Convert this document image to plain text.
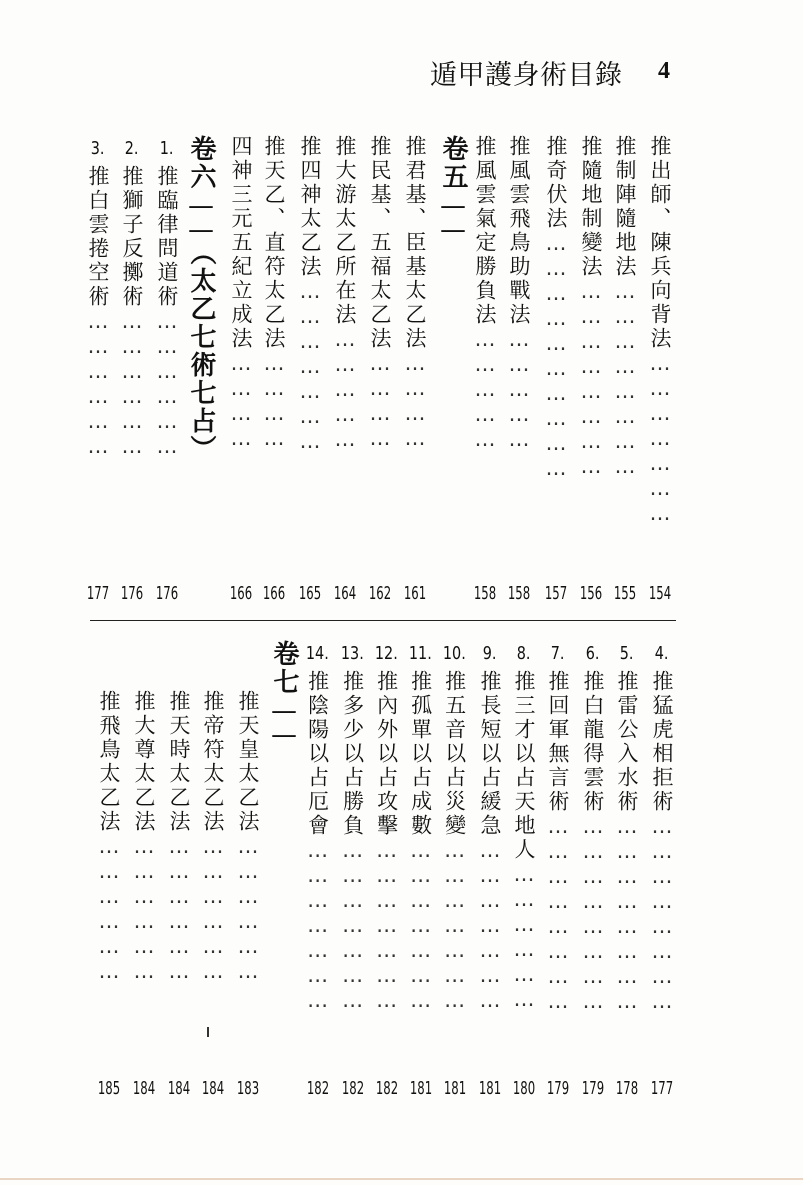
遁甲護身術目錄 4
推出師、陳兵向背法…………………
154
推制陣隨地法……………………
155
推隨地制變法……………………
156
推奇伏法…………………………
157
卷五—— 推風雲飛鳥助戰法……………
158
推風雲氣定勝負法……………
158
推君基、臣基太乙法…………
161
推民基、五福太乙法…………
162
推大游太乙所在法……………
164
推四神太乙法…………………
165
推天乙、直符太乙法…………
166
四神三元五紀立成法…………
166
卷六——（太乙七術七占）
1.推臨律問道術………………
176
2.推獅子反擲術………………
176
3.推白雲捲空術………………
177
4.推猛虎相拒術……………………
177
5.推雷公入水術……………………
178
6.推白龍得雲術……………………
179
7.推回軍無言術……………………
179
8.推三才以占天地人………………
180
9.推長短以占緩急…………………
181
10.推五音以占災變…………………
181
11.推孤單以占成數…………………
181
12.推內外以占攻擊…………………
182
13.推多少以占勝負…………………
182
14.推陰陽以占厄會…………………
182
卷七——
推天皇太乙法………………
183
推帝符太乙法………………
184
推天時太乙法………………
184
推大尊太乙法………………
184
推飛鳥太乙法………………
185
